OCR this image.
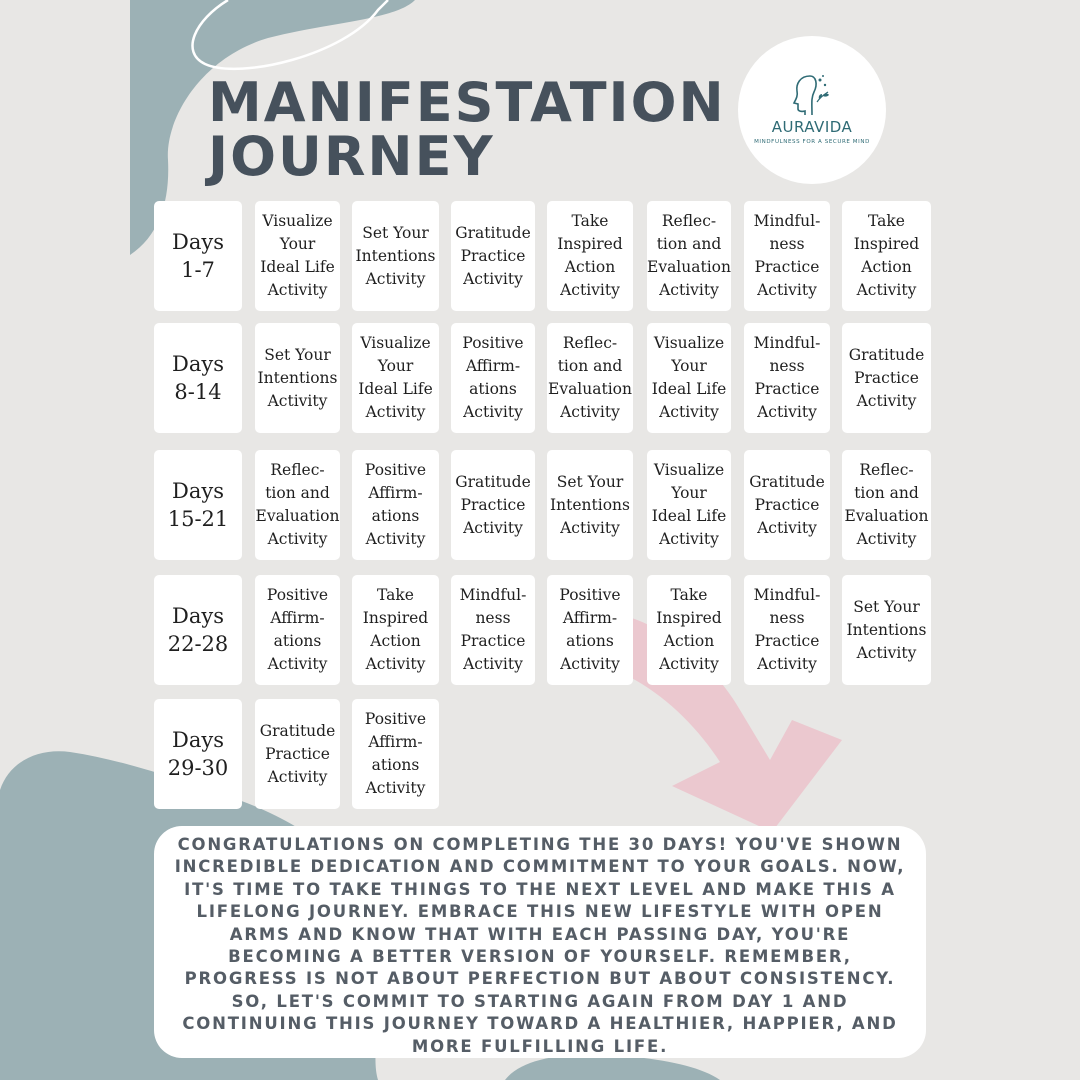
MANIFESTATION
JOURNEY	AURAVIDA
MINDFULNESS FOR A SECURE MIND
Days
1-7
Visualize
Your
Ideal Life
Activity
Set Your
Intentions
Activity
Gratitude
Practice
Activity
Take
Inspired
Action
Activity
Reflec-
tion and
Evaluation
Activity
Mindful-
ness
Practice
Activity
Take
Inspired
Action
Activity
Days
8-14
Set Your
Intentions
Activity
Visualize
Your
Ideal Life
Activity
Positive
Affirm-
ations
Activity
Reflec-
tion and
Evaluation
Activity
Visualize
Your
Ideal Life
Activity
Mindful-
ness
Practice
Activity
Gratitude
Practice
Activity
Days
15-21
Reflec-
tion and
Evaluation
Activity
Positive
Affirm-
ations
Activity
Gratitude
Practice
Activity
Set Your
Intentions
Activity
Visualize
Your
Ideal Life
Activity
Gratitude
Practice
Activity
Reflec-
tion and
Evaluation
Activity
Days
22-28
Positive
Affirm-
ations
Activity
Take
Inspired
Action
Activity
Mindful-
ness
Practice
Activity
Positive
Affirm-
ations
Activity
Take
Inspired
Action
Activity
Mindful-
ness
Practice
Activity
Set Your
Intentions
Activity
Days
29-30
Gratitude
Practice
Activity
Positive
Affirm-
ations
Activity
CONGRATULATIONS ON COMPLETING THE 30 DAYS! YOU'VE SHOWN INCREDIBLE DEDICATION AND COMMITMENT TO YOUR GOALS. NOW, IT'S TIME TO TAKE THINGS TO THE NEXT LEVEL AND MAKE THIS A LIFELONG JOURNEY. EMBRACE THIS NEW LIFESTYLE WITH OPEN ARMS AND KNOW THAT WITH EACH PASSING DAY, YOU'RE BECOMING A BETTER VERSION OF YOURSELF. REMEMBER, PROGRESS IS NOT ABOUT PERFECTION BUT ABOUT CONSISTENCY. SO, LET'S COMMIT TO STARTING AGAIN FROM DAY 1 AND CONTINUING THIS JOURNEY TOWARD A HEALTHIER, HAPPIER, AND MORE FULFILLING LIFE.
